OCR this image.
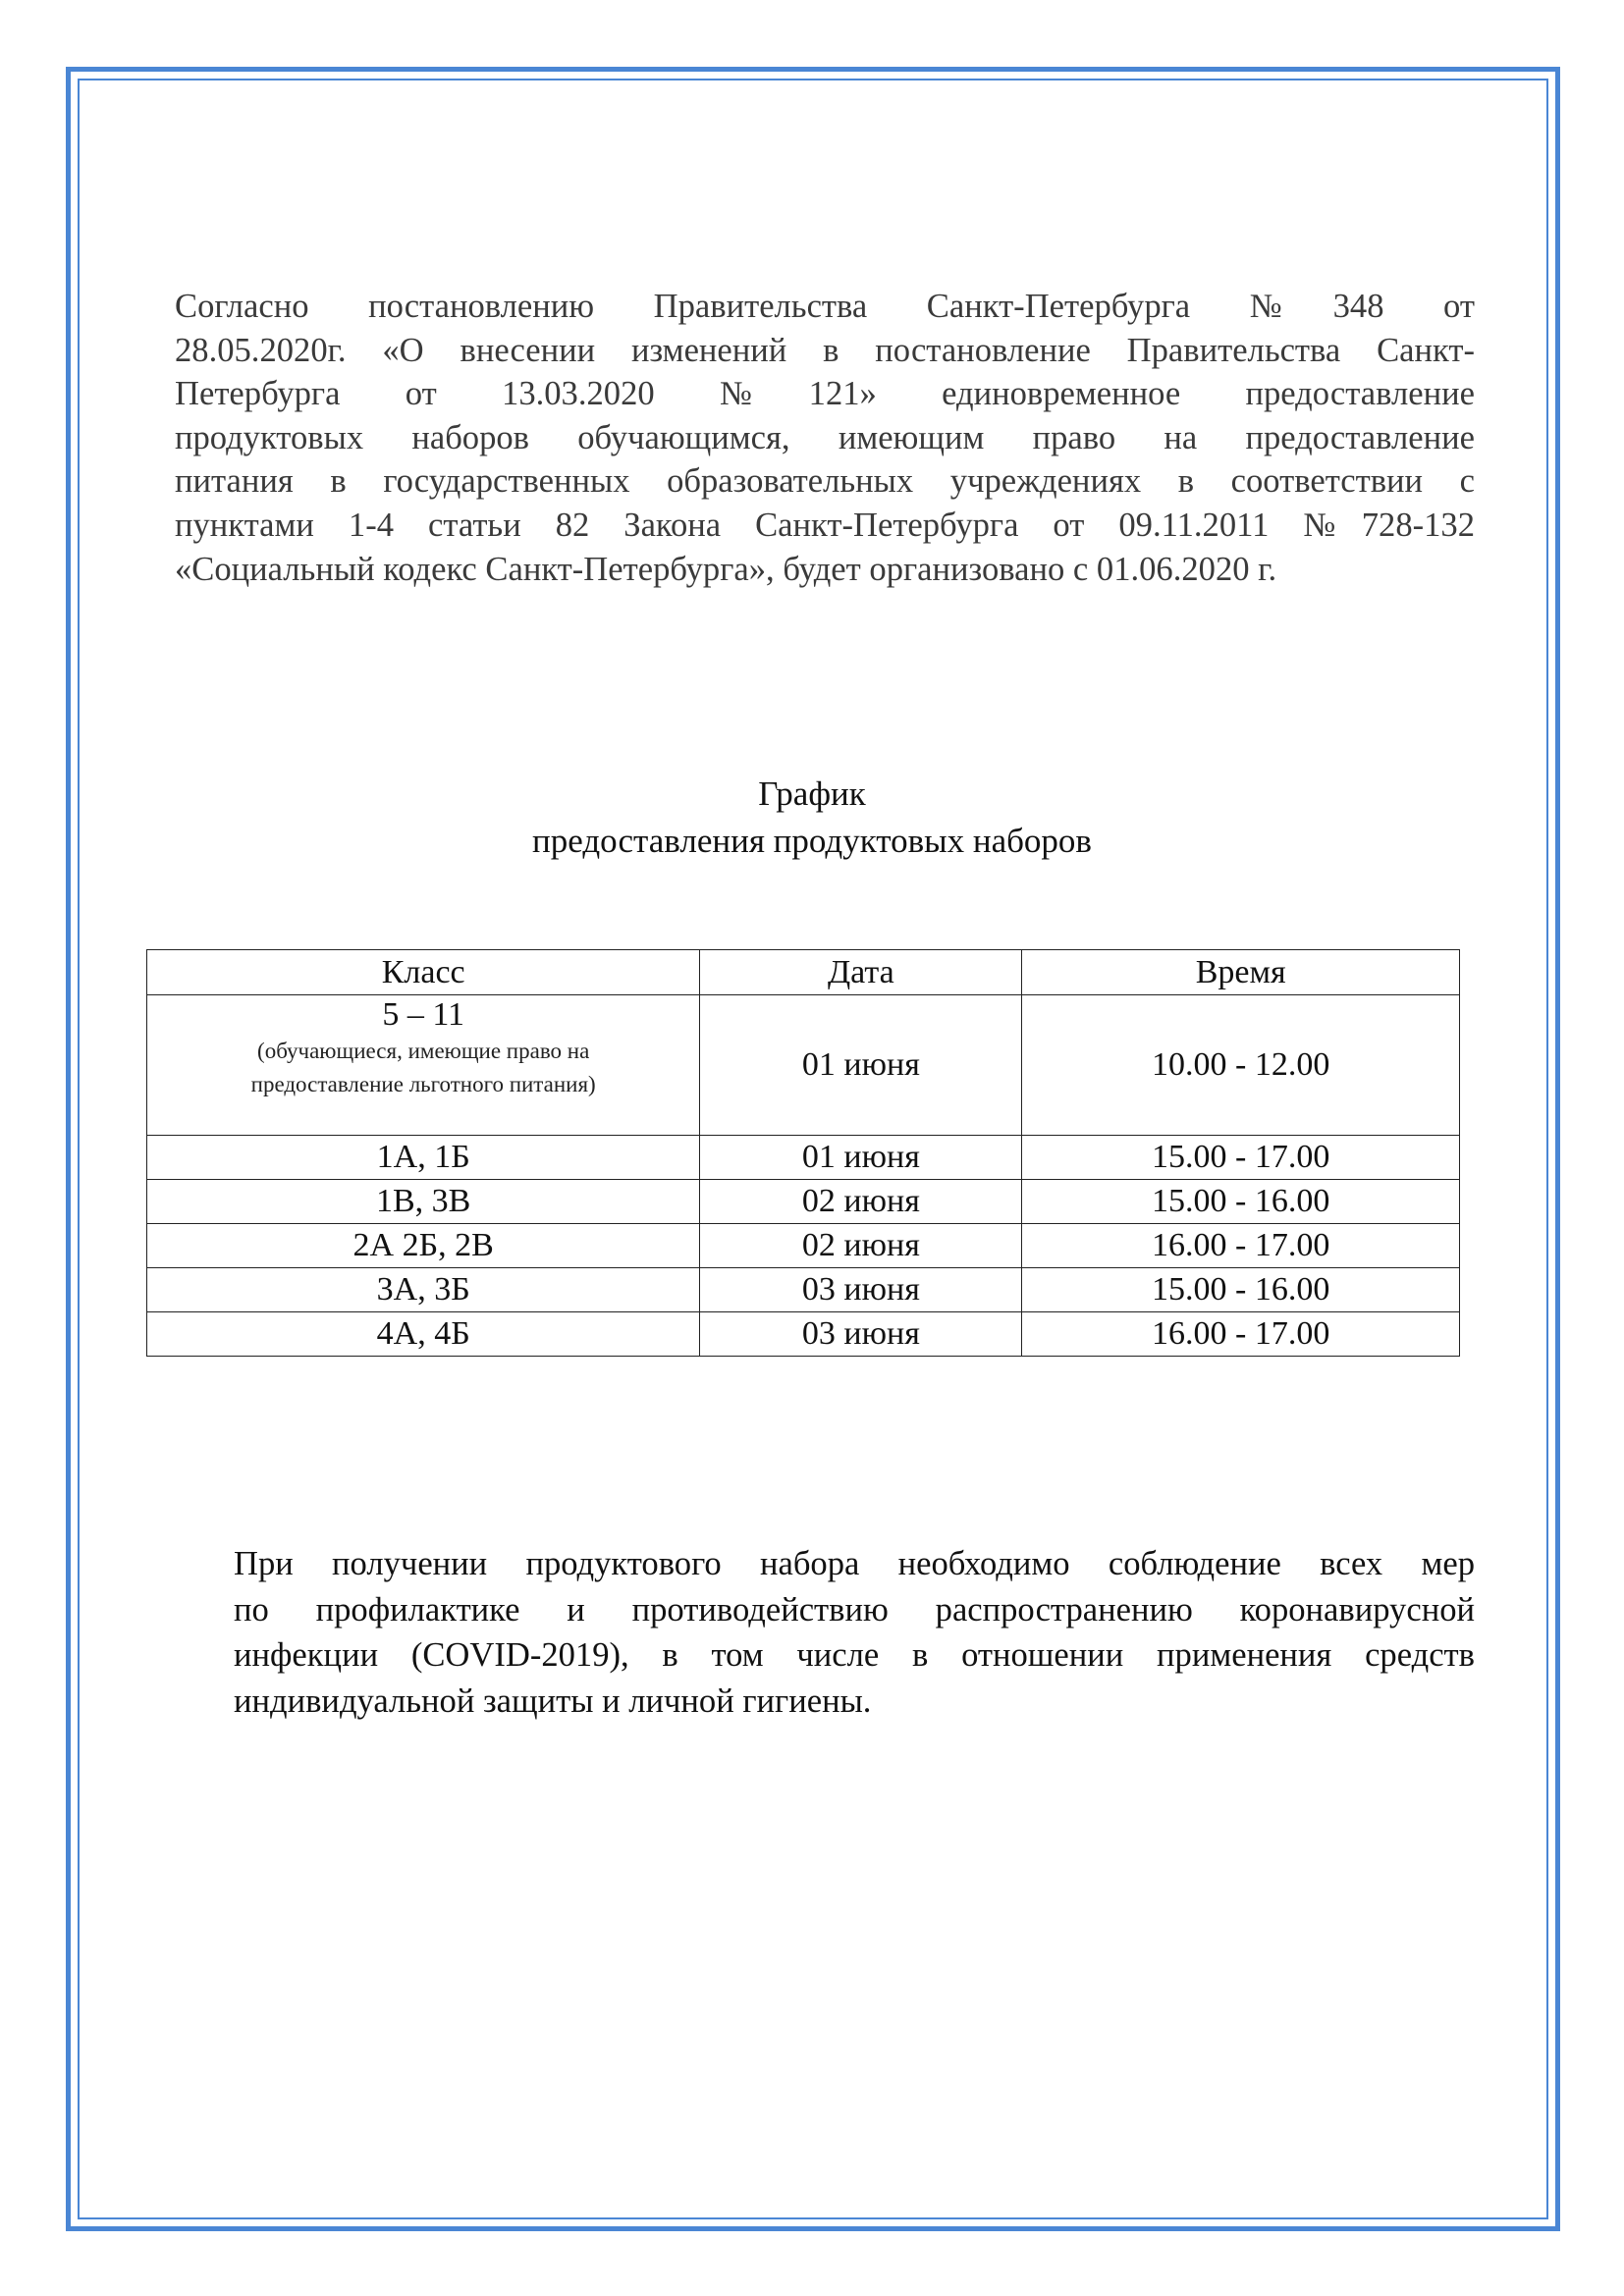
Согласно постановлению Правительства Санкт-Петербурга №348 от
28.05.2020г. «О внесении изменений в постановление Правительства Санкт-
Петербурга от 13.03.2020 №121» единовременное предоставление
продуктовых наборов обучающимся, имеющим право на предоставление
питания в государственных образовательных учреждениях в соответствии с
пунктами 1-4 статьи 82 Закона Санкт-Петербурга от 09.11.2011 №728-132
«Социальный кодекс Санкт-Петербурга», будет организовано с 01.06.2020 г.
График
предоставления продуктовых наборов
Класс	Дата	Время

5 – 11
(обучающиеся, имеющие право на
предоставление льготного питания)	01 июня	10.00 - 12.00
1А, 1Б	01 июня	15.00 - 17.00
1В, 3В	02 июня	15.00 - 16.00
2А 2Б, 2В	02 июня	16.00 - 17.00
3А, 3Б	03 июня	15.00 - 16.00
4А, 4Б	03 июня	16.00 - 17.00
При получении продуктового набора необходимо соблюдение всех мер
по профилактике и противодействию распространению коронавирусной
инфекции (COVID-2019), в том числе в отношении применения средств
индивидуальной защиты и личной гигиены.
